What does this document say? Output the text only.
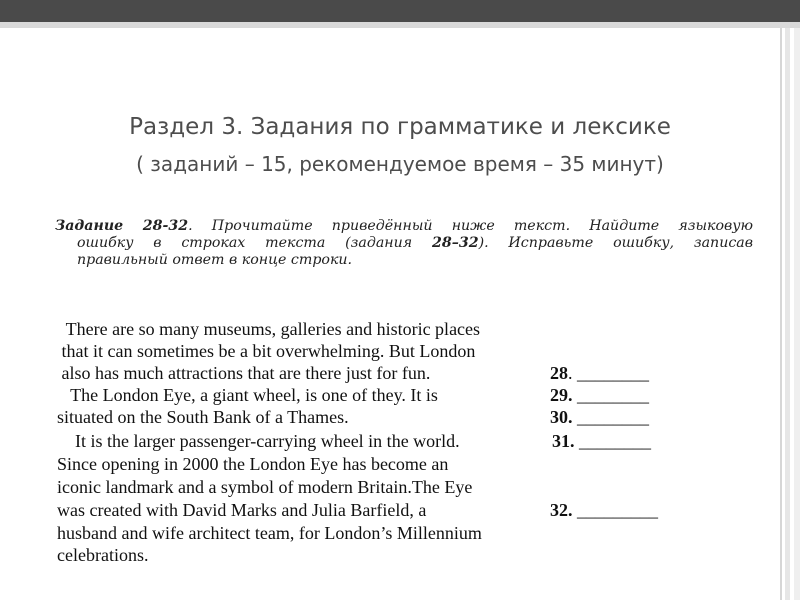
Раздел 3. Задания по грамматике и лексике
( заданий – 15, рекомендуемое время – 35 минут)
Задание 28-32. Прочитайте приведённый ниже текст. Найдите языковую
ошибку в строках текста (задания 28–32). Исправьте ошибку, записав
правильный ответ в конце строки.
There are so many museums, galleries and historic places
that it can sometimes be a bit overwhelming. But London
also has much attractions that are there just for fun.
The London Eye, a giant wheel, is one of they. It is
situated on the South Bank of a Thames.
It is the larger passenger-carrying wheel in the world.
Since opening in 2000 the London Eye has become an
iconic landmark and a symbol of modern Britain.The Eye
was created with David Marks and Julia Barfield, a
husband and wife architect team, for London’s Millennium
celebrations.
28. ________
29. ________
30. ________
31. ________
32. _________
